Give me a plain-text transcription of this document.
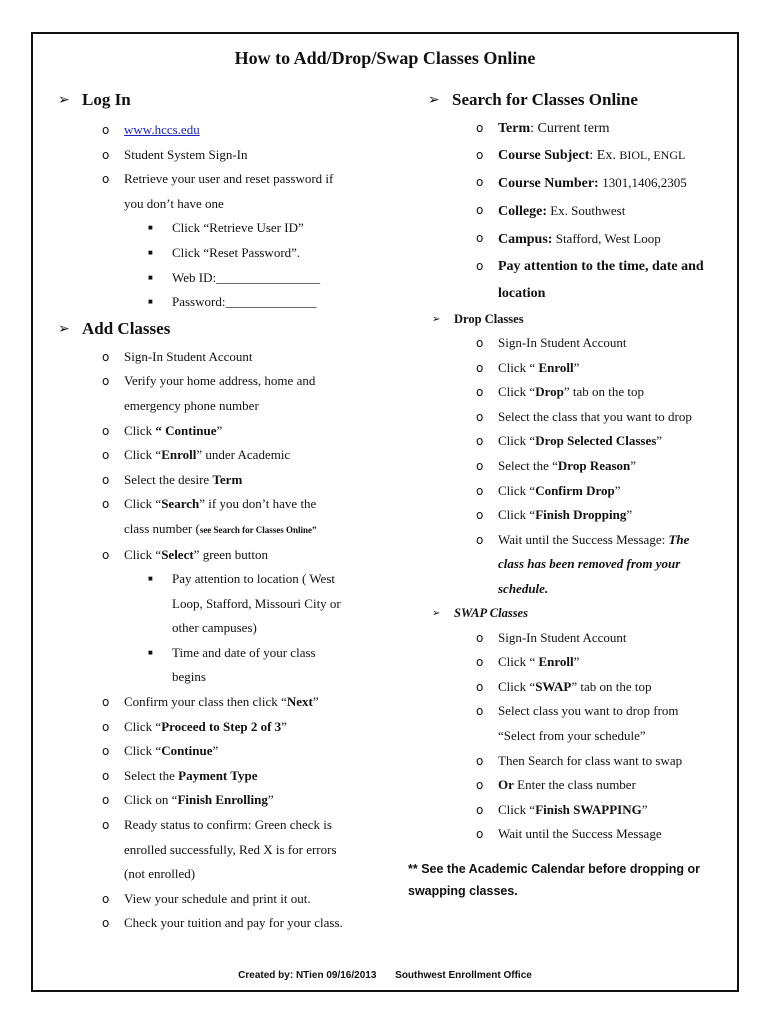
How to Add/Drop/Swap Classes Online
➢ Log In
o	www.hccs.edu
o	Student System Sign-In
o	Retrieve your user and reset password if
you don’t have one
■	Click “Retrieve User ID”
■	Click “Reset Password”.
■	Web ID:________________
■	Password:______________
➢ Add Classes
o	Sign-In Student Account
o	Verify your home address, home and
emergency phone number
o	Click “ Continue”
o	Click “Enroll” under Academic
o	Select the desire Term
o	Click “Search” if you don’t have the
class number (see Search for Classes Online”
o	Click “Select” green button
■	Pay attention to location ( West
Loop, Stafford, Missouri City or
other campuses)
■	Time and date of your class
begins
o	Confirm your class then click “Next”
o	Click “Proceed to Step 2 of 3”
o	Click “Continue”
o	Select the Payment Type
o	Click on “Finish Enrolling”
o	Ready status to confirm: Green check is
enrolled successfully, Red X is for errors
(not enrolled)
o	View your schedule and print it out.
o	Check your tuition and pay for your class.
➢ Search for Classes Online
o	Term: Current term
o	Course Subject: Ex. BIOL, ENGL
o	Course Number: 1301,1406,2305
o	College: Ex. Southwest
o	Campus: Stafford, West Loop
o	Pay attention to the time, date and
location
➢	Drop Classes
o	Sign-In Student Account
o	Click “ Enroll”
o	Click “Drop” tab on the top
o	Select the class that you want to drop
o	Click “Drop Selected Classes”
o	Select the “Drop Reason”
o	Click “Confirm Drop”
o	Click “Finish Dropping”
o	Wait until the Success Message: The
class has been removed from your
schedule.
➢	SWAP Classes
o	Sign-In Student Account
o	Click “ Enroll”
o	Click “SWAP” tab on the top
o	Select class you want to drop from
“Select from your schedule”
o	Then Search for class want to swap
o	Or Enter the class number
o	Click “Finish SWAPPING”
o	Wait until the Success Message
** See the Academic Calendar before dropping or swapping classes.
Created by: NTien 09/16/2013 Southwest Enrollment Office
